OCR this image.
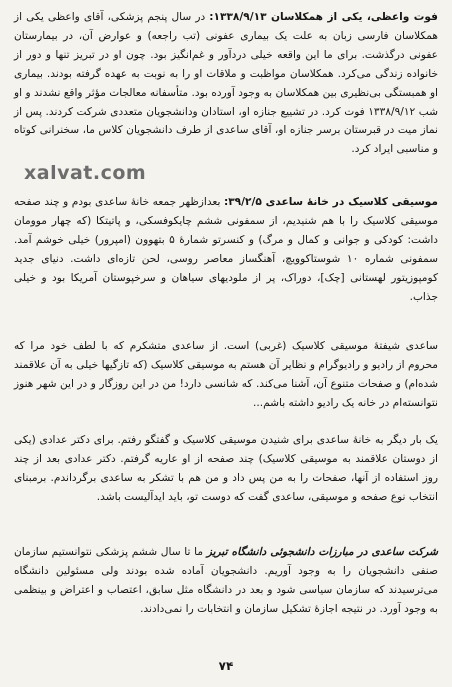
فوت واعظی، یکی از همکلاسان ۱۳۳۸/۹/۱۳: در سال پنجم پزشکی، آقای واعظی یکی از همکلاسان فارسی زبان به علت یک بیماری عفونی (تب راجعه) و عوارض آن، در بیمارستان عفونی درگذشت. برای ما این واقعه خیلی دردآور و غم‌انگیز بود. چون او در تبریز تنها و دور از خانواده زندگی می‌کرد. همکلاسان مواظبت و ملاقات او را به نوبت به عهده گرفته بودند. بیماری او همبستگی بی‌نظیری بین همکلاسان به وجود آورده بود. متأسفانه معالجات مؤثر واقع نشدند و او شب ۱۳۳۸/۹/۱۲ فوت کرد. در تشییع جنازه او، استادان ودانشجویان متعددی شرکت کردند. پس از نماز میت در قبرستان برسر جنازه او، آقای ساعدی از طرف دانشجویان کلاس ما، سخنرانی کوتاه و مناسبی ایراد کرد.

xalvat.com

موسیقی کلاسیک در خانهٔ ساعدی ۳۹/۲/۵: بعدازظهر جمعه خانهٔ ساعدی بودم و چند صفحه موسیقی کلاسیک را با هم شنیدیم، از سمفونی ششم چایکوفسکی، و پاتیتکا (که چهار موومان داشت: کودکی و جوانی و کمال و مرگ) و کنسرتو شمارهٔ ۵ بتهوون (امپرور) خیلی خوشم آمد. سمفونی شماره ۱۰ شوستاکوویچ، آهنگساز معاصر روسی، لحن تازه‌ای داشت. دنیای جدید کومپوزیتور لهستانی [چک]، دوراک، پر از ملودیهای سیاهان و سرخپوستان آمریکا بود و خیلی جذاب.

ساعدی شیفتهٔ موسیقی کلاسیک (غربی) است. از ساعدی متشکرم که با لطف خود مرا که محروم از رادیو و رادیوگرام و نظایر آن هستم به موسیقی کلاسیک (که تازگیها خیلی به آن علاقمند شده‌ام) و صفحات متنوع آن، آشنا می‌کند. که شانسی دارد! من در این روزگار و در این شهر هنوز نتوانسته‌ام در خانه یک رادیو داشته باشم...

یک بار دیگر به خانهٔ ساعدی برای شنیدن موسیقی کلاسیک و گفتگو رفتم. برای دکتر عدادی (یکی از دوستان علاقمند به موسیقی کلاسیک) چند صفحه از او عاریه گرفتم. دکتر عدادی بعد از چند روز استفاده از آنها، صفحات را به من پس داد و من هم با تشکر به ساعدی برگرداندم. برمبنای انتخاب نوع صفحه و موسیقی، ساعدی گفت که دوست تو، باید ایدآلیست باشد.

شرکت ساعدی در مبارزات دانشجوئی دانشگاه تبریز ما تا سال ششم پزشکی نتوانستیم سازمان صنفی دانشجویان را به وجود آوریم. دانشجویان آماده شده بودند ولی مسئولین دانشگاه می‌ترسیدند که سازمان سیاسی شود و بعد در دانشگاه مثل سابق، اعتصاب و اعتراض و بینظمی به وجود آورد. در نتیجه اجازهٔ تشکیل سازمان و انتخابات را نمی‌دادند.

۷۴
